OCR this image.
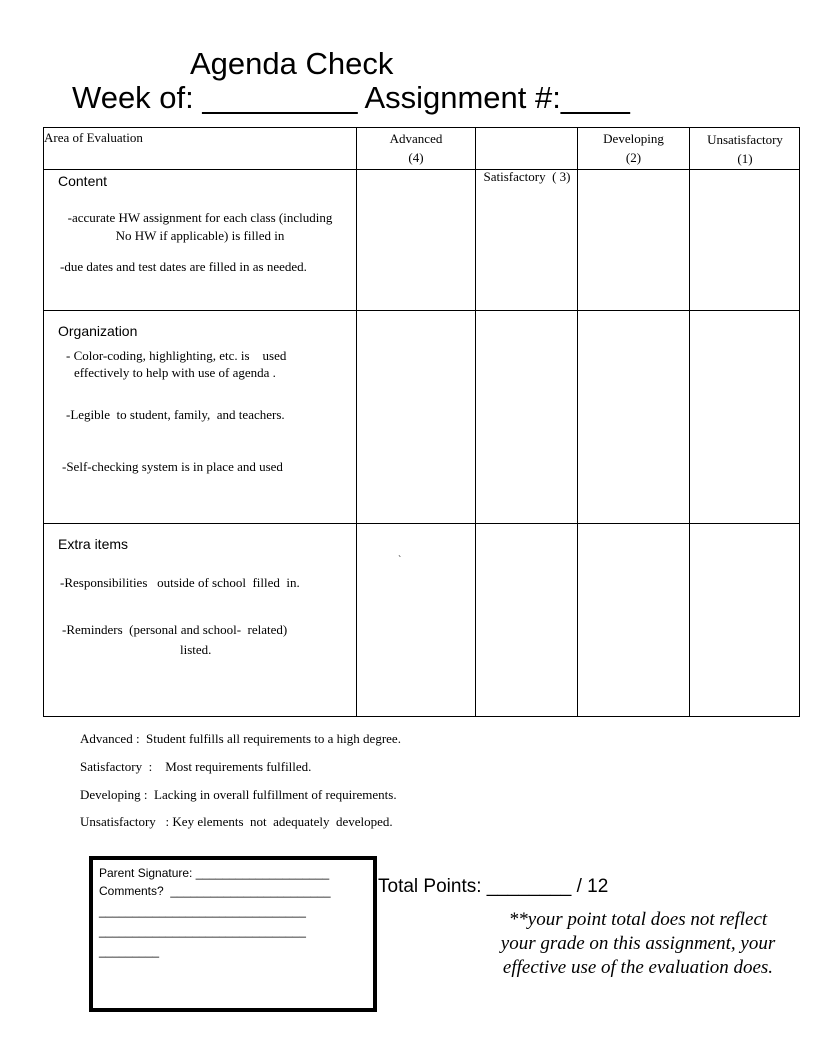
Agenda Check
Week of: _________ Assignment #:____
Area of Evaluation	Advanced
(4)

Satisfactory  ( 3)

Developing
(2)
Unsatisfactory
(1)
Content
-accurate HW assignment for each class (including
No HW if applicable) is filled in
-due dates and test dates are filled in as needed.
Organization
- Color-coding, highlighting, etc. is    used
effectively to help with use of agenda .
-Legible  to student, family,  and teachers.
-Self-checking system is in place and used
Extra items
-Responsibilities   outside of school  filled  in.
-Reminders  (personal and school-  related)
listed.
`
Advanced :  Student fulfills all requirements to a high degree.
Satisfactory  :    Most requirements fulfilled.
Developing :  Lacking in overall fulfillment of requirements.
Unsatisfactory   : Key elements  not  adequately  developed.
Parent Signature: ____________________
Comments?  ________________________
_______________________________
_______________________________
_________
Total Points: ________ / 12
**your point total does not reflect your grade on this assignment, your effective use of the evaluation does.
